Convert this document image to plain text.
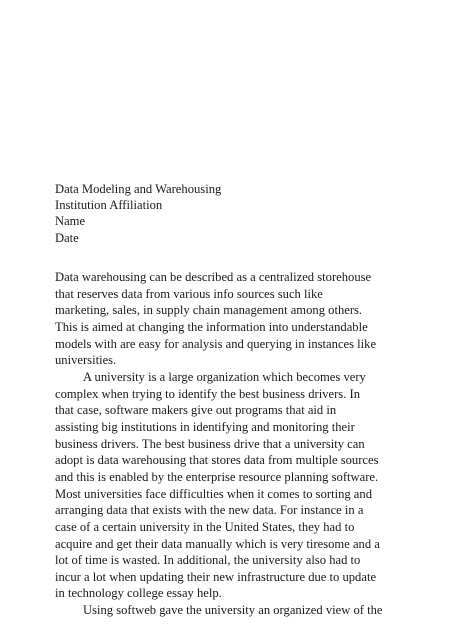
Data Modeling and Warehousing
Institution Affiliation
Name
Date
Data warehousing can be described as a centralized storehouse
that reserves data from various info sources such like
marketing, sales, in supply chain management among others.
This is aimed at changing the information into understandable
models with are easy for analysis and querying in instances like
universities.
A university is a large organization which becomes very
complex when trying to identify the best business drivers. In
that case, software makers give out programs that aid in
assisting big institutions in identifying and monitoring their
business drivers. The best business drive that a university can
adopt is data warehousing that stores data from multiple sources
and this is enabled by the enterprise resource planning software.
Most universities face difficulties when it comes to sorting and
arranging data that exists with the new data. For instance in a
case of a certain university in the United States, they had to
acquire and get their data manually which is very tiresome and a
lot of time is wasted. In additional, the university also had to
incur a lot when updating their new infrastructure due to update
in technology college essay help.
Using softweb gave the university an organized view of the
